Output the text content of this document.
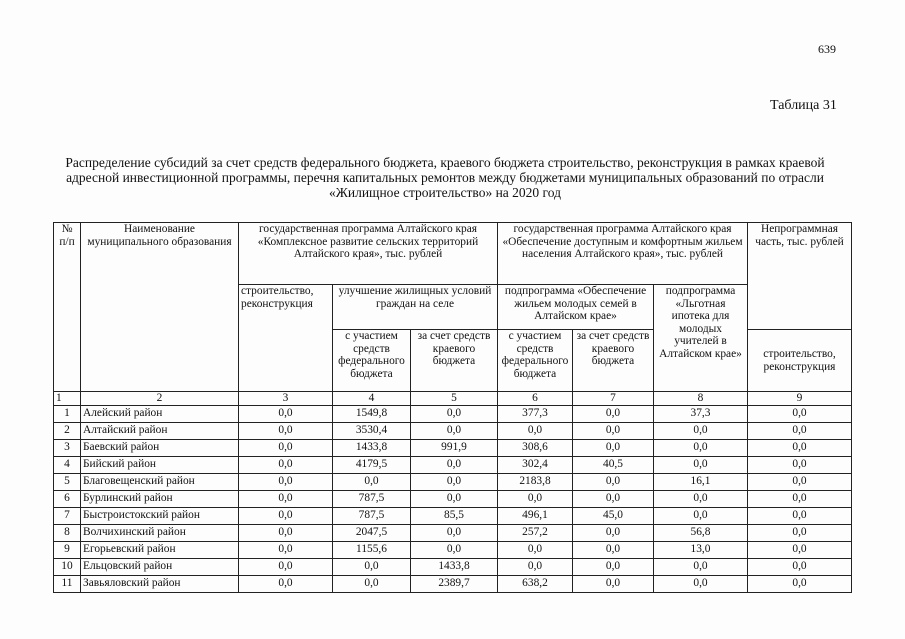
639
Таблица 31
Распределение субсидий за счет средств федерального бюджета, краевого бюджета строительство, реконструкция в рамках краевой адресной инвестиционной программы, перечня капитальных ремонтов между бюджетами муниципальных образований по отрасли «Жилищное строительство» на 2020 год
№ п/п	Наименование муниципального образования	государственная программа Алтайского края «Комплексное развитие сельских территорий Алтайского края», тыс. рублей			государственная программа Алтайского края «Обеспечение доступным и комфортным жильем населения Алтайского края», тыс. рублей			Непрограммная часть, тыс. рублей
		строительство, реконструкция	улучшение жилищных условий граждан на селе		подпрограмма «Обеспечение жильем молодых семей в Алтайском крае»		подпрограмма «Льготная ипотека для молодых учителей в Алтайском крае»	
			с участием средств федерального бюджета	за счет средств краевого бюджета	с участием средств федерального бюджета	за счет средств краевого бюджета		строительство, реконструкция
1	2	3	4	5	6	7	8	9
1	Алейский район	0,0	1549,8	0,0	377,3	0,0	37,3	0,0
2	Алтайский район	0,0	3530,4	0,0	0,0	0,0	0,0	0,0
3	Баевский район	0,0	1433,8	991,9	308,6	0,0	0,0	0,0
4	Бийский район	0,0	4179,5	0,0	302,4	40,5	0,0	0,0
5	Благовещенский район	0,0	0,0	0,0	2183,8	0,0	16,1	0,0
6	Бурлинский район	0,0	787,5	0,0	0,0	0,0	0,0	0,0
7	Быстроистокский район	0,0	787,5	85,5	496,1	45,0	0,0	0,0
8	Волчихинский район	0,0	2047,5	0,0	257,2	0,0	56,8	0,0
9	Егорьевский район	0,0	1155,6	0,0	0,0	0,0	13,0	0,0
10	Ельцовский район	0,0	0,0	1433,8	0,0	0,0	0,0	0,0
11	Завьяловский район	0,0	0,0	2389,7	638,2	0,0	0,0	0,0
